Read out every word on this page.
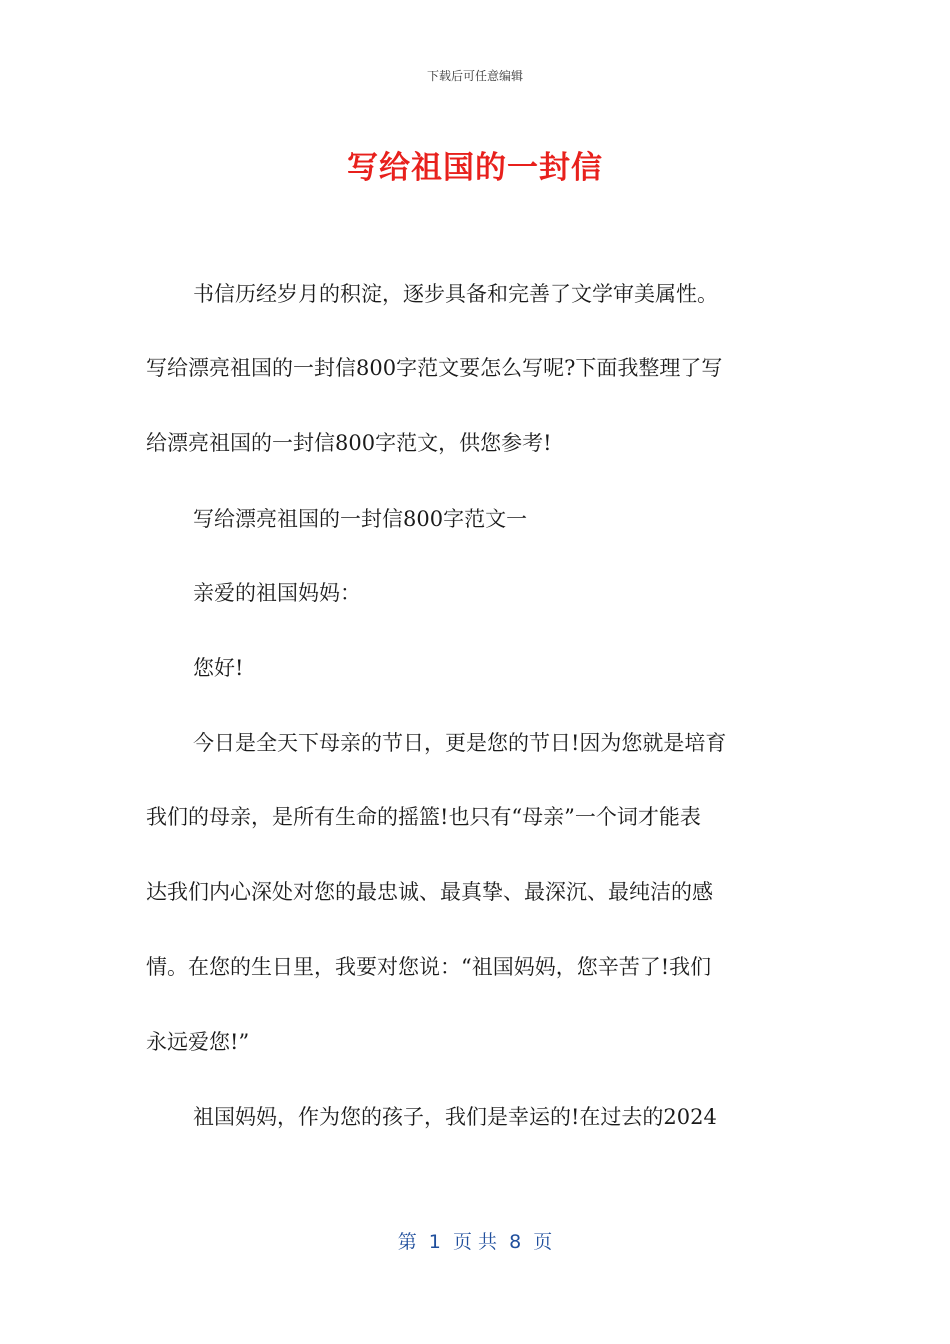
下载后可任意编辑
写给祖国的一封信
书信历经岁月的积淀，逐步具备和完善了文学审美属性。
写给漂亮祖国的一封信800字范文要怎么写呢?下面我整理了写
给漂亮祖国的一封信800字范文，供您参考!
写给漂亮祖国的一封信800字范文一
亲爱的祖国妈妈：
您好!
今日是全天下母亲的节日，更是您的节日!因为您就是培育
我们的母亲，是所有生命的摇篮!也只有“母亲”一个词才能表
达我们内心深处对您的最忠诚、最真挚、最深沉、最纯洁的感
情。在您的生日里，我要对您说：“祖国妈妈，您辛苦了!我们
永远爱您!”
祖国妈妈，作为您的孩子，我们是幸运的!在过去的2024
第  1  页 共  8  页
